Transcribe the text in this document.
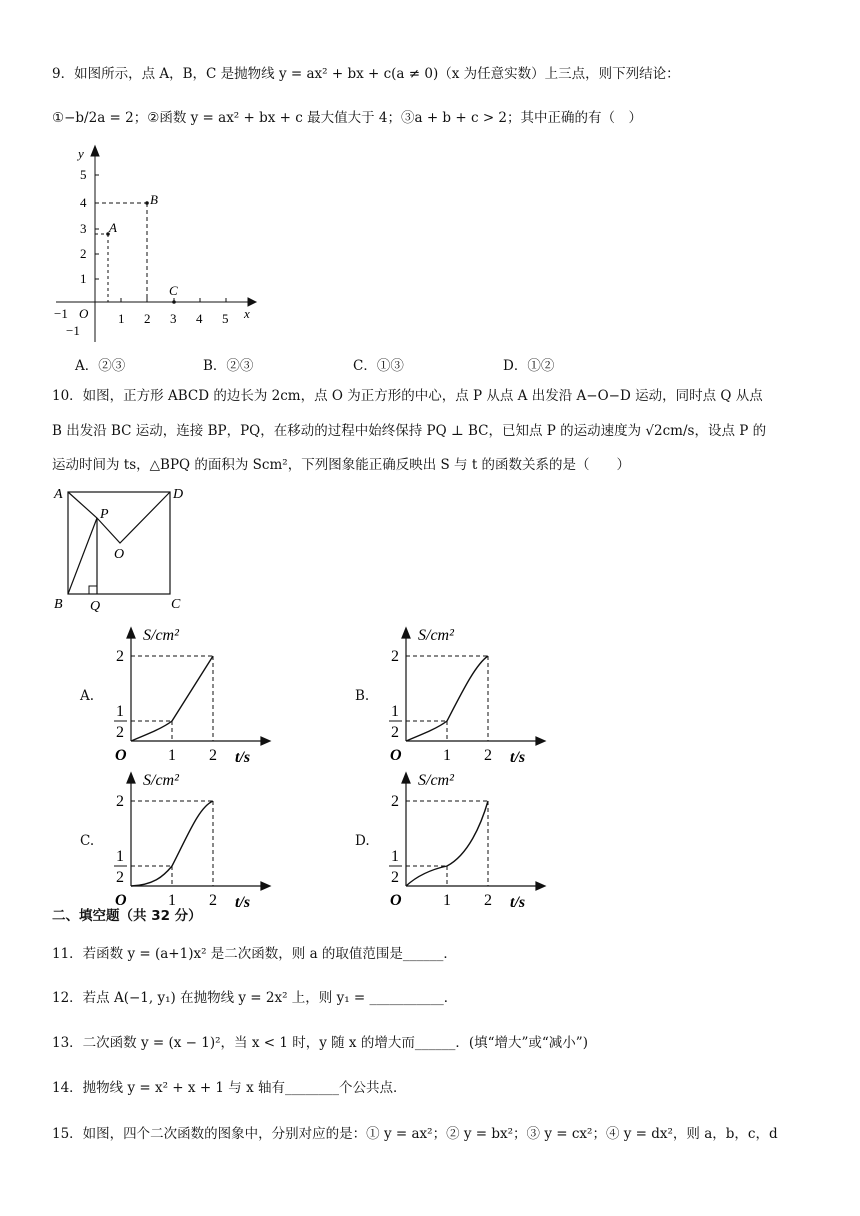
9．如图所示，点 A，B，C 是抛物线 y = ax² + bx + c(a ≠ 0)（x 为任意实数）上三点，则下列结论：
①−b/2a = 2；②函数 y = ax² + bx + c 最大值大于 4；③a + b + c > 2；其中正确的有（　）
y
x
5
4
3
2
1
−1
−1 O 1 2 3 4 5
A
B
C
A．②③	B．②③	C．①③	D．①②
10．如图，正方形 ABCD 的边长为 2cm，点 O 为正方形的中心，点 P 从点 A 出发沿 A−O−D 运动，同时点 Q 从点
B 出发沿 BC 运动，连接 BP，PQ，在移动的过程中始终保持 PQ ⊥ BC，已知点 P 的运动速度为 √2cm/s，设点 P 的
运动时间为 ts，△BPQ 的面积为 Scm²，下列图象能正确反映出 S 与 t 的函数关系的是（　　）
A	D
P
O
B Q	C
A.
S/cm²
t/s
O	1 2
2
1
2
B.
S/cm²
t/s
O	1 2
2
1
2
C.
S/cm²
t/s
O	1 2
2
1
2
D.
S/cm²
t/s
O	1 2
2
1
2
二、填空题（共 32 分）
11．若函数 y = (a+1)x² 是二次函数，则 a 的取值范围是______．
12．若点 A(−1, y₁) 在抛物线 y = 2x² 上，则 y₁ = ___________．
13．二次函数 y = (x − 1)²，当 x < 1 时，y 随 x 的增大而______．(填“增大”或“减小”)
14．抛物线 y = x² + x + 1 与 x 轴有________个公共点．
15．如图，四个二次函数的图象中，分别对应的是：① y = ax²；② y = bx²；③ y = cx²；④ y = dx²，则 a，b，c，d
